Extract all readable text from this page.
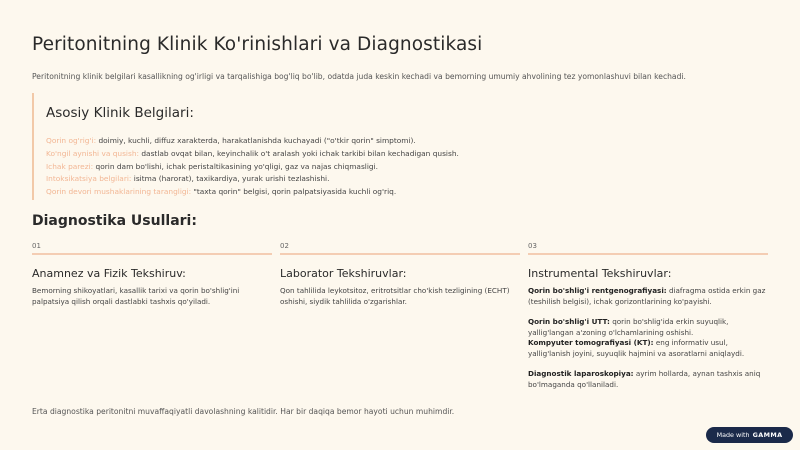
Peritonitning Klinik Ko'rinishlari va Diagnostikasi

Peritonitning klinik belgilari kasallikning og'irligi va tarqalishiga bog'liq bo'lib, odatda juda keskin kechadi va bemorning umumiy ahvolining tez yomonlashuvi bilan kechadi.

Asosiy Klinik Belgilari:
Qorin og'rig'i: doimiy, kuchli, diffuz xarakterda, harakatlanishda kuchayadi ("o'tkir qorin" simptomi).
Ko'ngil aynishi va qusish: dastlab ovqat bilan, keyinchalik o't aralash yoki ichak tarkibi bilan kechadigan qusish.
Ichak parezi: qorin dam bo'lishi, ichak peristaltikasining yo'qligi, gaz va najas chiqmasligi.
Intoksikatsiya belgilari: isitma (harorat), taxikardiya, yurak urishi tezlashishi.
Qorin devori mushaklarining tarangligi: "taxta qorin" belgisi, qorin palpatsiyasida kuchli og'riq.
Diagnostika Usullari:
01
Anamnez va Fizik Tekshiruv:
Bemorning shikoyatlari, kasallik tarixi va qorin bo'shlig'ini palpatsiya qilish orqali dastlabki tashxis qo'yiladi.
02
Laborator Tekshiruvlar:
Qon tahlilida leykotsitoz, eritrotsitlar cho'kish tezligining (ECHT) oshishi, siydik tahlilida o'zgarishlar.
03
Instrumental Tekshiruvlar:
Qorin bo'shlig'i rentgenografiyasi: diafragma ostida erkin gaz (teshilish belgisi), ichak gorizontlarining ko'payishi.
Qorin bo'shlig'i UTT: qorin bo'shlig'ida erkin suyuqlik, yallig'langan a'zoning o'lchamlarining oshishi.
Kompyuter tomografiyasi (KT): eng informativ usul, yallig'lanish joyini, suyuqlik hajmini va asoratlarni aniqlaydi.
Diagnostik laparoskopiya: ayrim hollarda, aynan tashxis aniq bo'lmaganda qo'llaniladi.

Erta diagnostika peritonitni muvaffaqiyatli davolashning kalitidir. Har bir daqiqa bemor hayoti uchun muhimdir.

Made with GAMMA
